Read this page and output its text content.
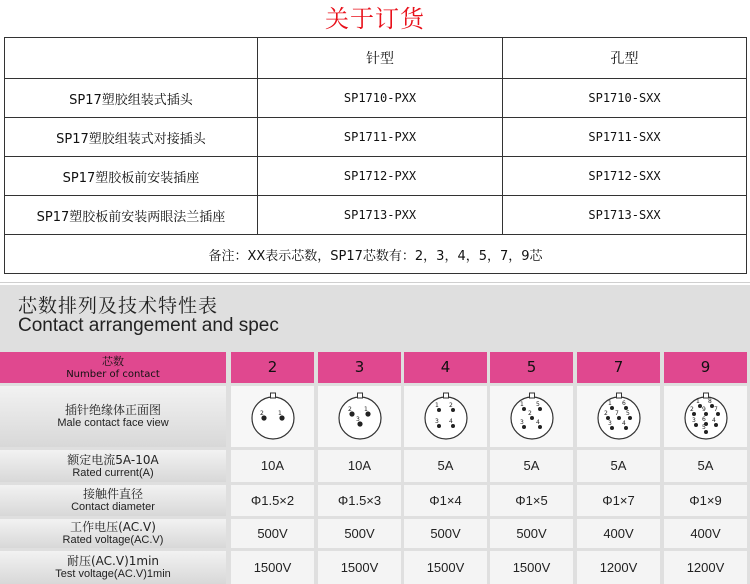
关于订货
	针型	孔型
SP17塑胶组装式插头	SP1710-PXX	SP1710-SXX
SP17塑胶组装式对接插头	SP1711-PXX	SP1711-SXX
SP17塑胶板前安装插座	SP1712-PXX	SP1712-SXX
SP17塑胶板前安装两眼法兰插座	SP1713-PXX	SP1713-SXX
备注：XX表示芯数，SP17芯数有：2，3，4，5，7，9芯		
芯数排列及技术特性表
Contact arrangement and spec
芯数
Number of contact	2	3	4	5	7	9
插针绝缘体正面图
Male contact face view
2 1
2 1
3
1 2
3 4
1 5
2
3 4
1 6
2 7 5
3 4
1 8
2 9 7
3 6 4
5
额定电流5A-10A
Rated current(A)	10A	10A	5A	5A	5A	5A
接触件直径
Contact diameter	Φ1.5×2	Φ1.5×3	Φ1×4	Φ1×5	Φ1×7	Φ1×9
工作电压(AC.V)
Rated voltage(AC.V)	500V	500V	500V	500V	400V	400V
耐压(AC.V)1min
Test voltage(AC.V)1min	1500V	1500V	1500V	1500V	1200V	1200V
